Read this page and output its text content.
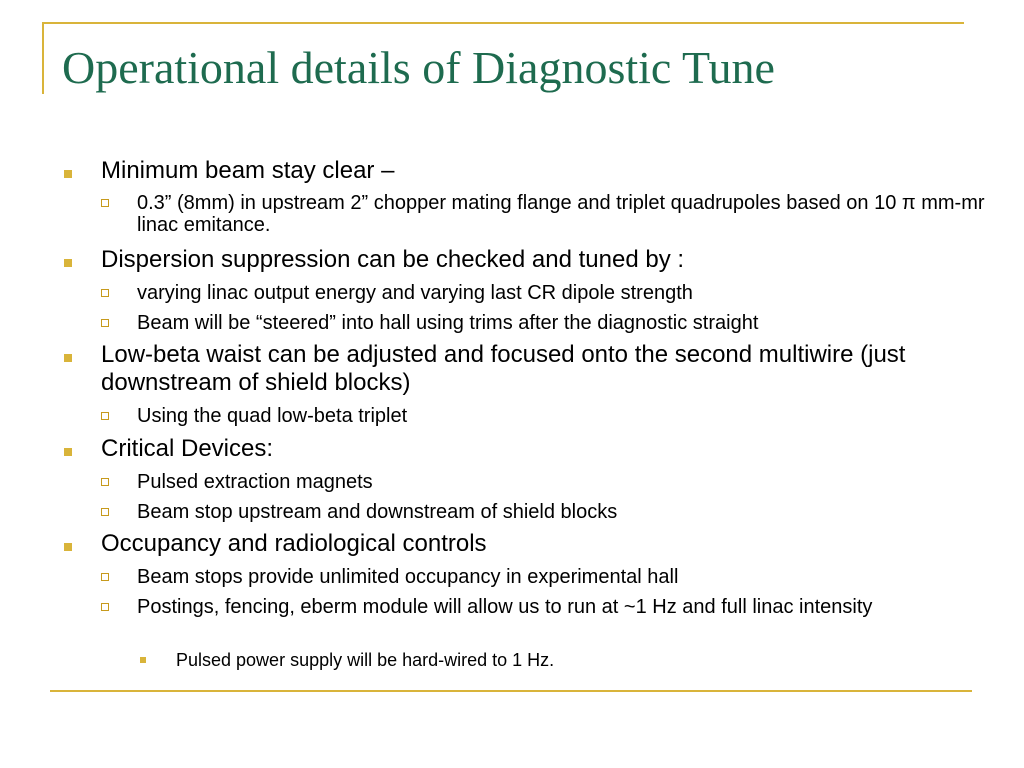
Operational details of Diagnostic Tune

Minimum beam stay clear –

0.3” (8mm) in upstream 2” chopper mating flange and triplet quadrupoles based on 10 π mm-mr linac emitance.

Dispersion suppression can be checked and tuned by :

varying linac output energy and varying last CR dipole strength

Beam will be “steered” into hall using trims after the diagnostic straight

Low-beta waist can be adjusted and focused onto the second multiwire (just downstream of shield blocks)

Using the quad low-beta triplet

Critical Devices:

Pulsed extraction magnets

Beam stop upstream and downstream of shield blocks

Occupancy and radiological controls

Beam stops provide unlimited occupancy in experimental hall

Postings, fencing, eberm module will allow us to run at ~1 Hz and full linac intensity

Pulsed power supply will be hard-wired to 1 Hz.
